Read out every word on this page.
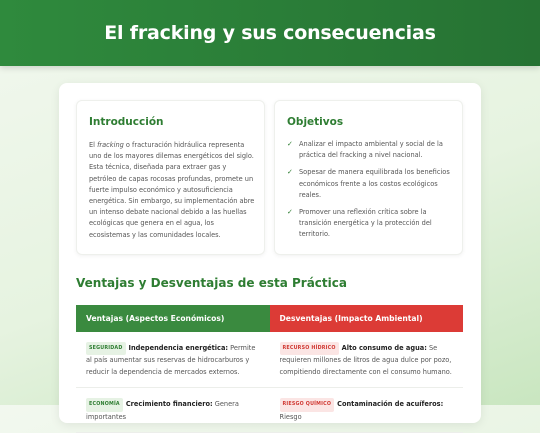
El fracking y sus consecuencias
Introducción

El fracking o fracturación hidráulica representa uno de los mayores dilemas energéticos del siglo. Esta técnica, diseñada para extraer gas y petróleo de capas rocosas profundas, promete un fuerte impulso económico y autosuficiencia energética. Sin embargo, su implementación abre un intenso debate nacional debido a las huellas ecológicas que genera en el agua, los ecosistemas y las comunidades locales.

Objetivos
✓ Analizar el impacto ambiental y social de la práctica del fracking a nivel nacional.
✓ Sopesar de manera equilibrada los beneficios económicos frente a los costos ecológicos reales.
✓ Promover una reflexión crítica sobre la transición energética y la protección del territorio.
Ventajas y Desventajas de esta Práctica
Ventajas (Aspectos Económicos)	Desventajas (Impacto Ambiental)
SEGURIDAD Independencia energética: Permite al país aumentar sus reservas de hidrocarburos y reducir la dependencia de mercados externos.
RECURSO HÍDRICO Alto consumo de agua: Se requieren millones de litros de agua dulce por pozo, compitiendo directamente con el consumo humano.
ECONOMÍA Crecimiento financiero: Genera importantes
RIESGO QUÍMICO Contaminación de acuíferos: Riesgo
